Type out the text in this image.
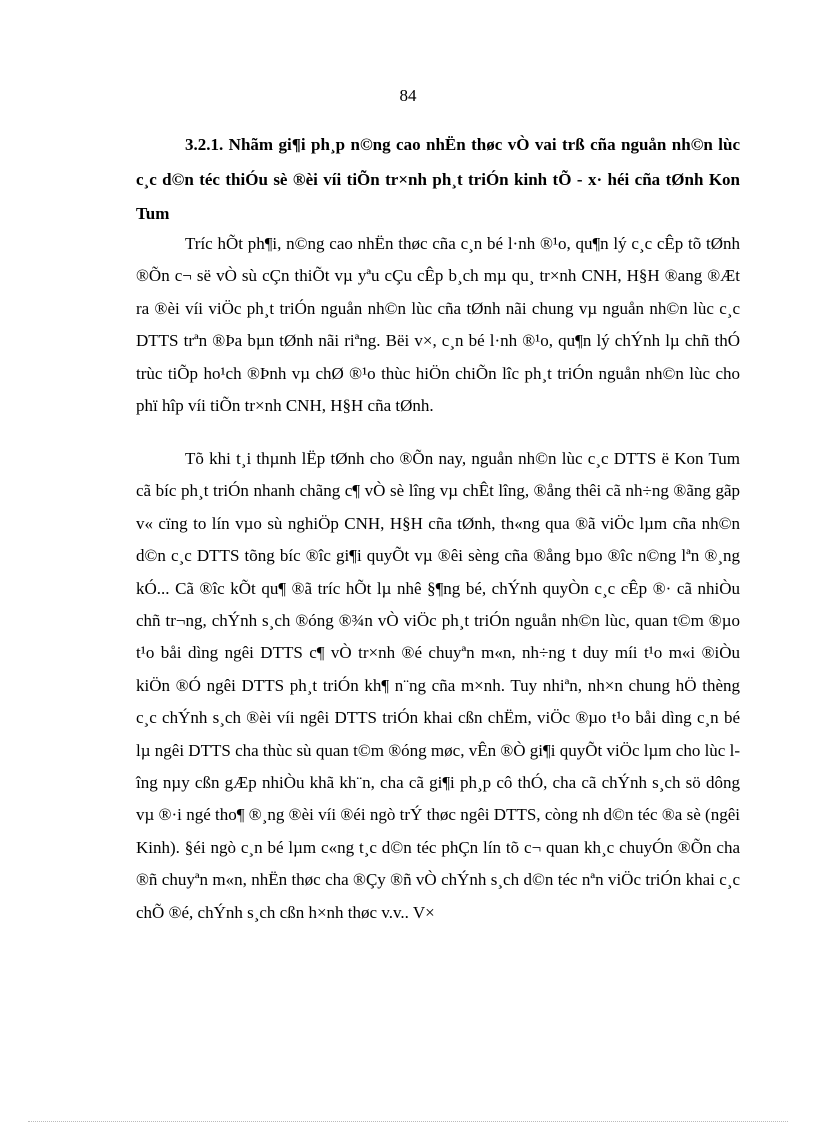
84
3.2.1. Nhãm gi¶i ph¸p n©ng cao nhËn thøc vÒ vai trß cña nguån nh©n lùc c¸c d©n téc thiÓu sè ®èi víi tiÕn tr×nh ph¸t triÓn kinh tÕ - x· héi cña tØnh Kon Tum

Tríc hÕt ph¶i, n©ng cao nhËn thøc cña c¸n bé l·nh ®¹o, qu¶n lý c¸c cÊp tõ tØnh ®Õn c¬ së vÒ sù cÇn thiÕt vµ yªu cÇu cÊp b¸ch mµ qu¸ tr×nh CNH, H§H ®ang ®Æt ra ®èi víi viÖc ph¸t triÓn nguån nh©n lùc cña tØnh nãi chung vµ nguån nh©n lùc c¸c DTTS trªn ®Þa bµn tØnh nãi riªng. Bëi v×, c¸n bé l·nh ®¹o, qu¶n lý chÝnh lµ chñ thÓ trùc tiÕp ho¹ch ®Þnh vµ chØ ®¹o thùc hiÖn chiÕn lîc ph¸t triÓn nguån nh©n lùc cho phï hîp víi tiÕn tr×nh CNH, H§H cña tØnh.

Tõ khi t¸i thµnh lËp tØnh cho ®Õn nay, nguån nh©n lùc c¸c DTTS ë Kon Tum cã bíc ph¸t triÓn nhanh chãng c¶ vÒ sè lîng vµ chÊt lîng, ®ång thêi cã nh÷ng ®ãng gãp v« cïng to lín vµo sù nghiÖp CNH, H§H cña tØnh, th«ng qua ®ã viÖc lµm cña nh©n d©n c¸c DTTS tõng bíc ®îc gi¶i quyÕt vµ ®êi sèng cña ®ång bµo ®îc n©ng lªn ®¸ng kÓ... Cã ®îc kÕt qu¶ ®ã tríc hÕt lµ nhê §¶ng bé, chÝnh quyÒn c¸c cÊp ®· cã nhiÒu chñ tr¬ng, chÝnh s¸ch ®óng ®¾n vÒ viÖc ph¸t triÓn nguån nh©n lùc, quan t©m ®µo t¹o båi dìng ngêi DTTS c¶ vÒ tr×nh ®é chuyªn m«n, nh÷ng t duy míi t¹o m«i ®iÒu kiÖn ®Ó ngêi DTTS ph¸t triÓn kh¶ n¨ng cña m×nh. Tuy nhiªn, nh×n chung hÖ thèng c¸c chÝnh s¸ch ®èi víi ngêi DTTS triÓn khai cßn chËm, viÖc ®µo t¹o båi dìng c¸n bé lµ ngêi DTTS cha thùc sù quan t©m ®óng møc, vÊn ®Ò gi¶i quyÕt viÖc lµm cho lùc lîng nµy cßn gÆp nhiÒu khã kh¨n, cha cã gi¶i ph¸p cô thÓ, cha cã chÝnh s¸ch sö dông vµ ®·i ngé tho¶ ®¸ng ®èi víi ®éi ngò trÝ thøc ngêi DTTS, còng nh d©n téc ®a sè (ngêi Kinh). §éi ngò c¸n bé lµm c«ng t¸c d©n téc phÇn lín tõ c¬ quan kh¸c chuyÓn ®Õn cha ®ñ chuyªn m«n, nhËn thøc cha ®Çy ®ñ vÒ chÝnh s¸ch d©n téc nªn viÖc triÓn khai c¸c chÕ ®é, chÝnh s¸ch cßn h×nh thøc v.v.. V×
